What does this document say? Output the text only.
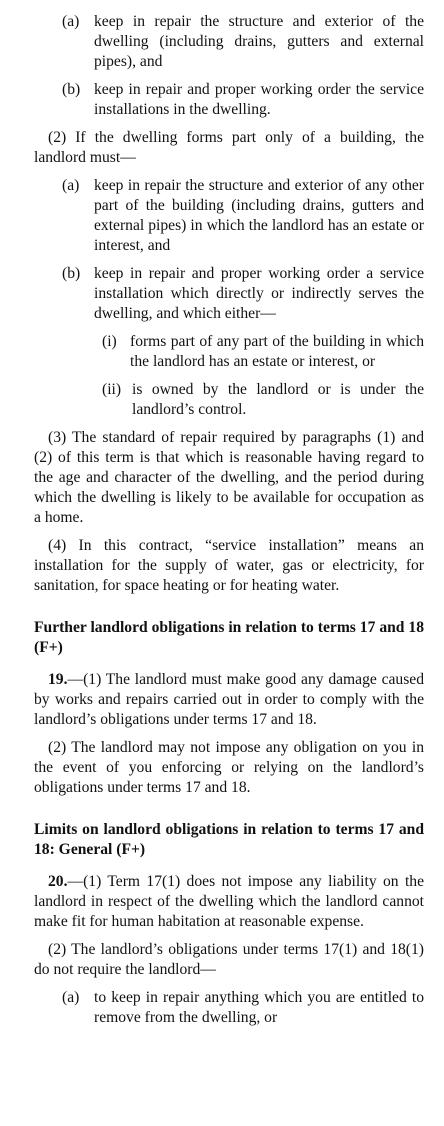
(a) keep in repair the structure and exterior of the dwelling (including drains, gutters and external pipes), and
(b) keep in repair and proper working order the service installations in the dwelling.

(2) If the dwelling forms part only of a building, the landlord must—

(a) keep in repair the structure and exterior of any other part of the building (including drains, gutters and external pipes) in which the landlord has an estate or interest, and
(b) keep in repair and proper working order a service installation which directly or indirectly serves the dwelling, and which either—
(i) forms part of any part of the building in which the landlord has an estate or interest, or
(ii) is owned by the landlord or is under the landlord’s control.

(3) The standard of repair required by paragraphs (1) and (2) of this term is that which is reasonable having regard to the age and character of the dwelling, and the period during which the dwelling is likely to be available for occupation as a home.

(4) In this contract, “service installation” means an installation for the supply of water, gas or electricity, for sanitation, for space heating or for heating water.

Further landlord obligations in relation to terms 17 and 18 (F+)

19.—(1) The landlord must make good any damage caused by works and repairs carried out in order to comply with the landlord’s obligations under terms 17 and 18.

(2) The landlord may not impose any obligation on you in the event of you enforcing or relying on the landlord’s obligations under terms 17 and 18.

Limits on landlord obligations in relation to terms 17 and 18: General (F+)

20.—(1) Term 17(1) does not impose any liability on the landlord in respect of the dwelling which the landlord cannot make fit for human habitation at reasonable expense.

(2) The landlord’s obligations under terms 17(1) and 18(1) do not require the landlord—

(a) to keep in repair anything which you are entitled to remove from the dwelling, or
